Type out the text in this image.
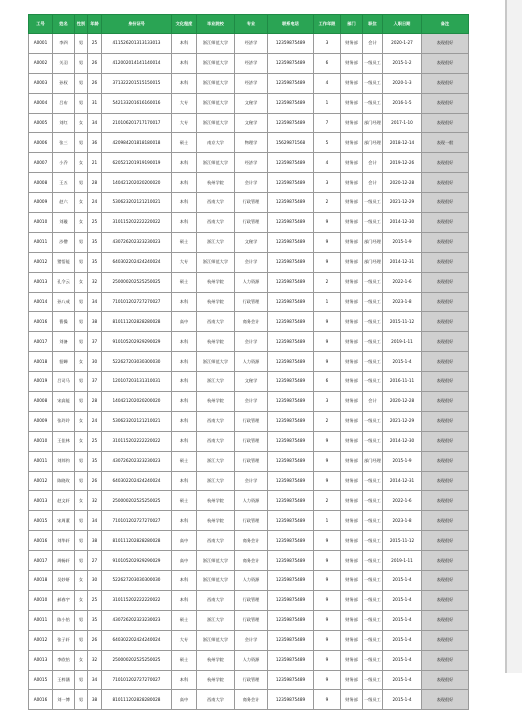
工号	姓名	性别	年龄	身份证号	文化程度	毕业院校	专业	联系电话	工作年限	部门	职位	入职日期	备注
A0001	李四	男	25	411526201313133013	本科	浙江师范大学	经济学	12359875489	3	财务部	会计	2020-1-27	表现很好
A0002	关羽	男	26	412002014141140014	本科	浙江师范大学	经济学	12359875489	6	财务部	一级员工	2015-1-2	表现很好
A0003	孙权	男	26	371322201515150015	本科	浙江师范大学	经济学	12359875489	4	财务部	一级员工	2020-1-3	表现很好
A0004	吕布	男	31	542133201616160016	大专	浙江师范大学	文秘学	12359875489	1	财务部	一级员工	2016-1-5	表现很好
A0005	刘红	女	34	210106201717170017	大专	浙江师范大学	文秘学	12359875489	7	财务部	部门经理	2017-1-10	表现很好
A0006	张三	男	36	420984201818180018	硕士	南京大学	物理学	15629871568	5	财务部	部门经理	2018-12-14	表现一般
A0007	小乔	女	21	620521201919190019	本科	浙江师范大学	经济学	12359875489	4	财务部	会计	2019-12-26	表现很好
A0008	王五	男	28	140421202020200020	本科	杭州学院	会计学	12359875489	3	财务部	会计	2020-12-28	表现很好
A0009	赵六	女	24	530623202121210021	本科	西南大学	行政管理	12359875489	2	财务部	一级员工	2021-12-29	表现很好
A0010	刘璇	女	25	310115202222220022	本科	西南大学	行政管理	12359875489	9	财务部	一级员工	2014-12-30	表现很好
A0011	沙僧	男	35	430726202323230023	硕士	浙江大学	文秘学	12359875489	9	财务部	部门经理	2015-1-9	表现很好
A0012	猪悟能	男	35	640302202424240024	大专	浙江师范大学	会计学	12359875489	9	财务部	部门经理	2014-12-31	表现很好
A0013	孔令云	女	32	250000202525250025	硕士	杭州学院	人力资源	12359875489	2	财务部	一级员工	2022-1-6	表现很好
A0014	孙八戒	男	34	710101202727270027	本科	杭州学院	行政管理	12359875489	1	财务部	一级员工	2023-1-8	表现很好
A0016	曹操	男	38	810111202828280028	高中	西南大学	商务会计	12359875489	9	财务部	一级员工	2015-11-12	表现很好
A0017	刘备	男	37	910105202929290029	本科	杭州学院	会计学	12359875489	9	财务部	一级员工	2019-1-11	表现很好
A0018	貂蝉	女	30	522627203030300030	本科	浙江师范大学	人力资源	12359875489	9	财务部	一级员工	2015-1-4	表现很好
A0019	吕司马	男	37	120107203131310031	本科	浙江大学	文秘学	12359875489	6	财务部	一级员工	2016-11-11	表现很好
A0008	宋高能	男	28	140421202020200020	本科	杭州学院	会计学	12359875489	3	财务部	会计	2020-12-28	表现很好
A0009	张玲玲	女	24	530623202121210021	本科	西南大学	行政管理	12359875489	2	财务部	一级员工	2021-12-29	表现很好
A0010	王佳林	女	25	310115202222220022	本科	西南大学	行政管理	12359875489	9	财务部	一级员工	2014-12-30	表现很好
A0011	刘邦钧	男	35	430726202323230023	硕士	浙江大学	行政管理	12359875489	9	财务部	部门经理	2015-1-9	表现很好
A0012	陈晓玫	男	26	640302202424240024	本科	浙江大学	会计学	12359875489	9	财务部	一级员工	2014-12-31	表现很好
A0013	赵文轩	女	32	250000202525250025	硕士	杭州学院	人力资源	12359875489	2	财务部	一级员工	2022-1-6	表现很好
A0015	宋周董	男	34	710101202727270027	本科	杭州学院	行政管理	12359875489	1	财务部	一级员工	2023-1-8	表现很好
A0016	刘华轩	男	38	810111202828280028	高中	西南大学	商务会计	12359875489	9	财务部	一级员工	2015-11-12	表现很好
A0017	周畅轩	男	27	910105202929290029	高中	浙江师范大学	商务会计	12359875489	9	财务部	一级员工	2019-1-11	表现很好
A0018	吴妙妍	女	30	522627203030300030	本科	浙江师范大学	人力资源	12359875489	9	财务部	一级员工	2015-1-4	表现很好
A0010	郝春宇	女	25	310115202222220022	本科	西南大学	行政管理	12359875489	9	财务部	一级员工	2015-1-4	表现很好
A0011	陈小怡	男	35	430726202323230023	硕士	浙江大学	行政管理	12359875489	9	财务部	一级员工	2015-1-4	表现很好
A0012	张子轩	男	26	640302202424240024	大专	浙江师范大学	会计学	12359875489	9	财务部	一级员工	2015-1-4	表现很好
A0013	李欣怡	女	32	250000202525250025	硕士	杭州学院	人力资源	12359875489	9	财务部	一级员工	2015-1-4	表现很好
A0015	王梓涵	男	34	710101202727270027	本科	杭州学院	行政管理	12359875489	9	财务部	一级员工	2015-1-4	表现很好
A0016	刘一博	男	38	810111202828280028	高中	西南大学	商务会计	12359875489	9	财务部	一级员工	2015-1-4	表现很好
